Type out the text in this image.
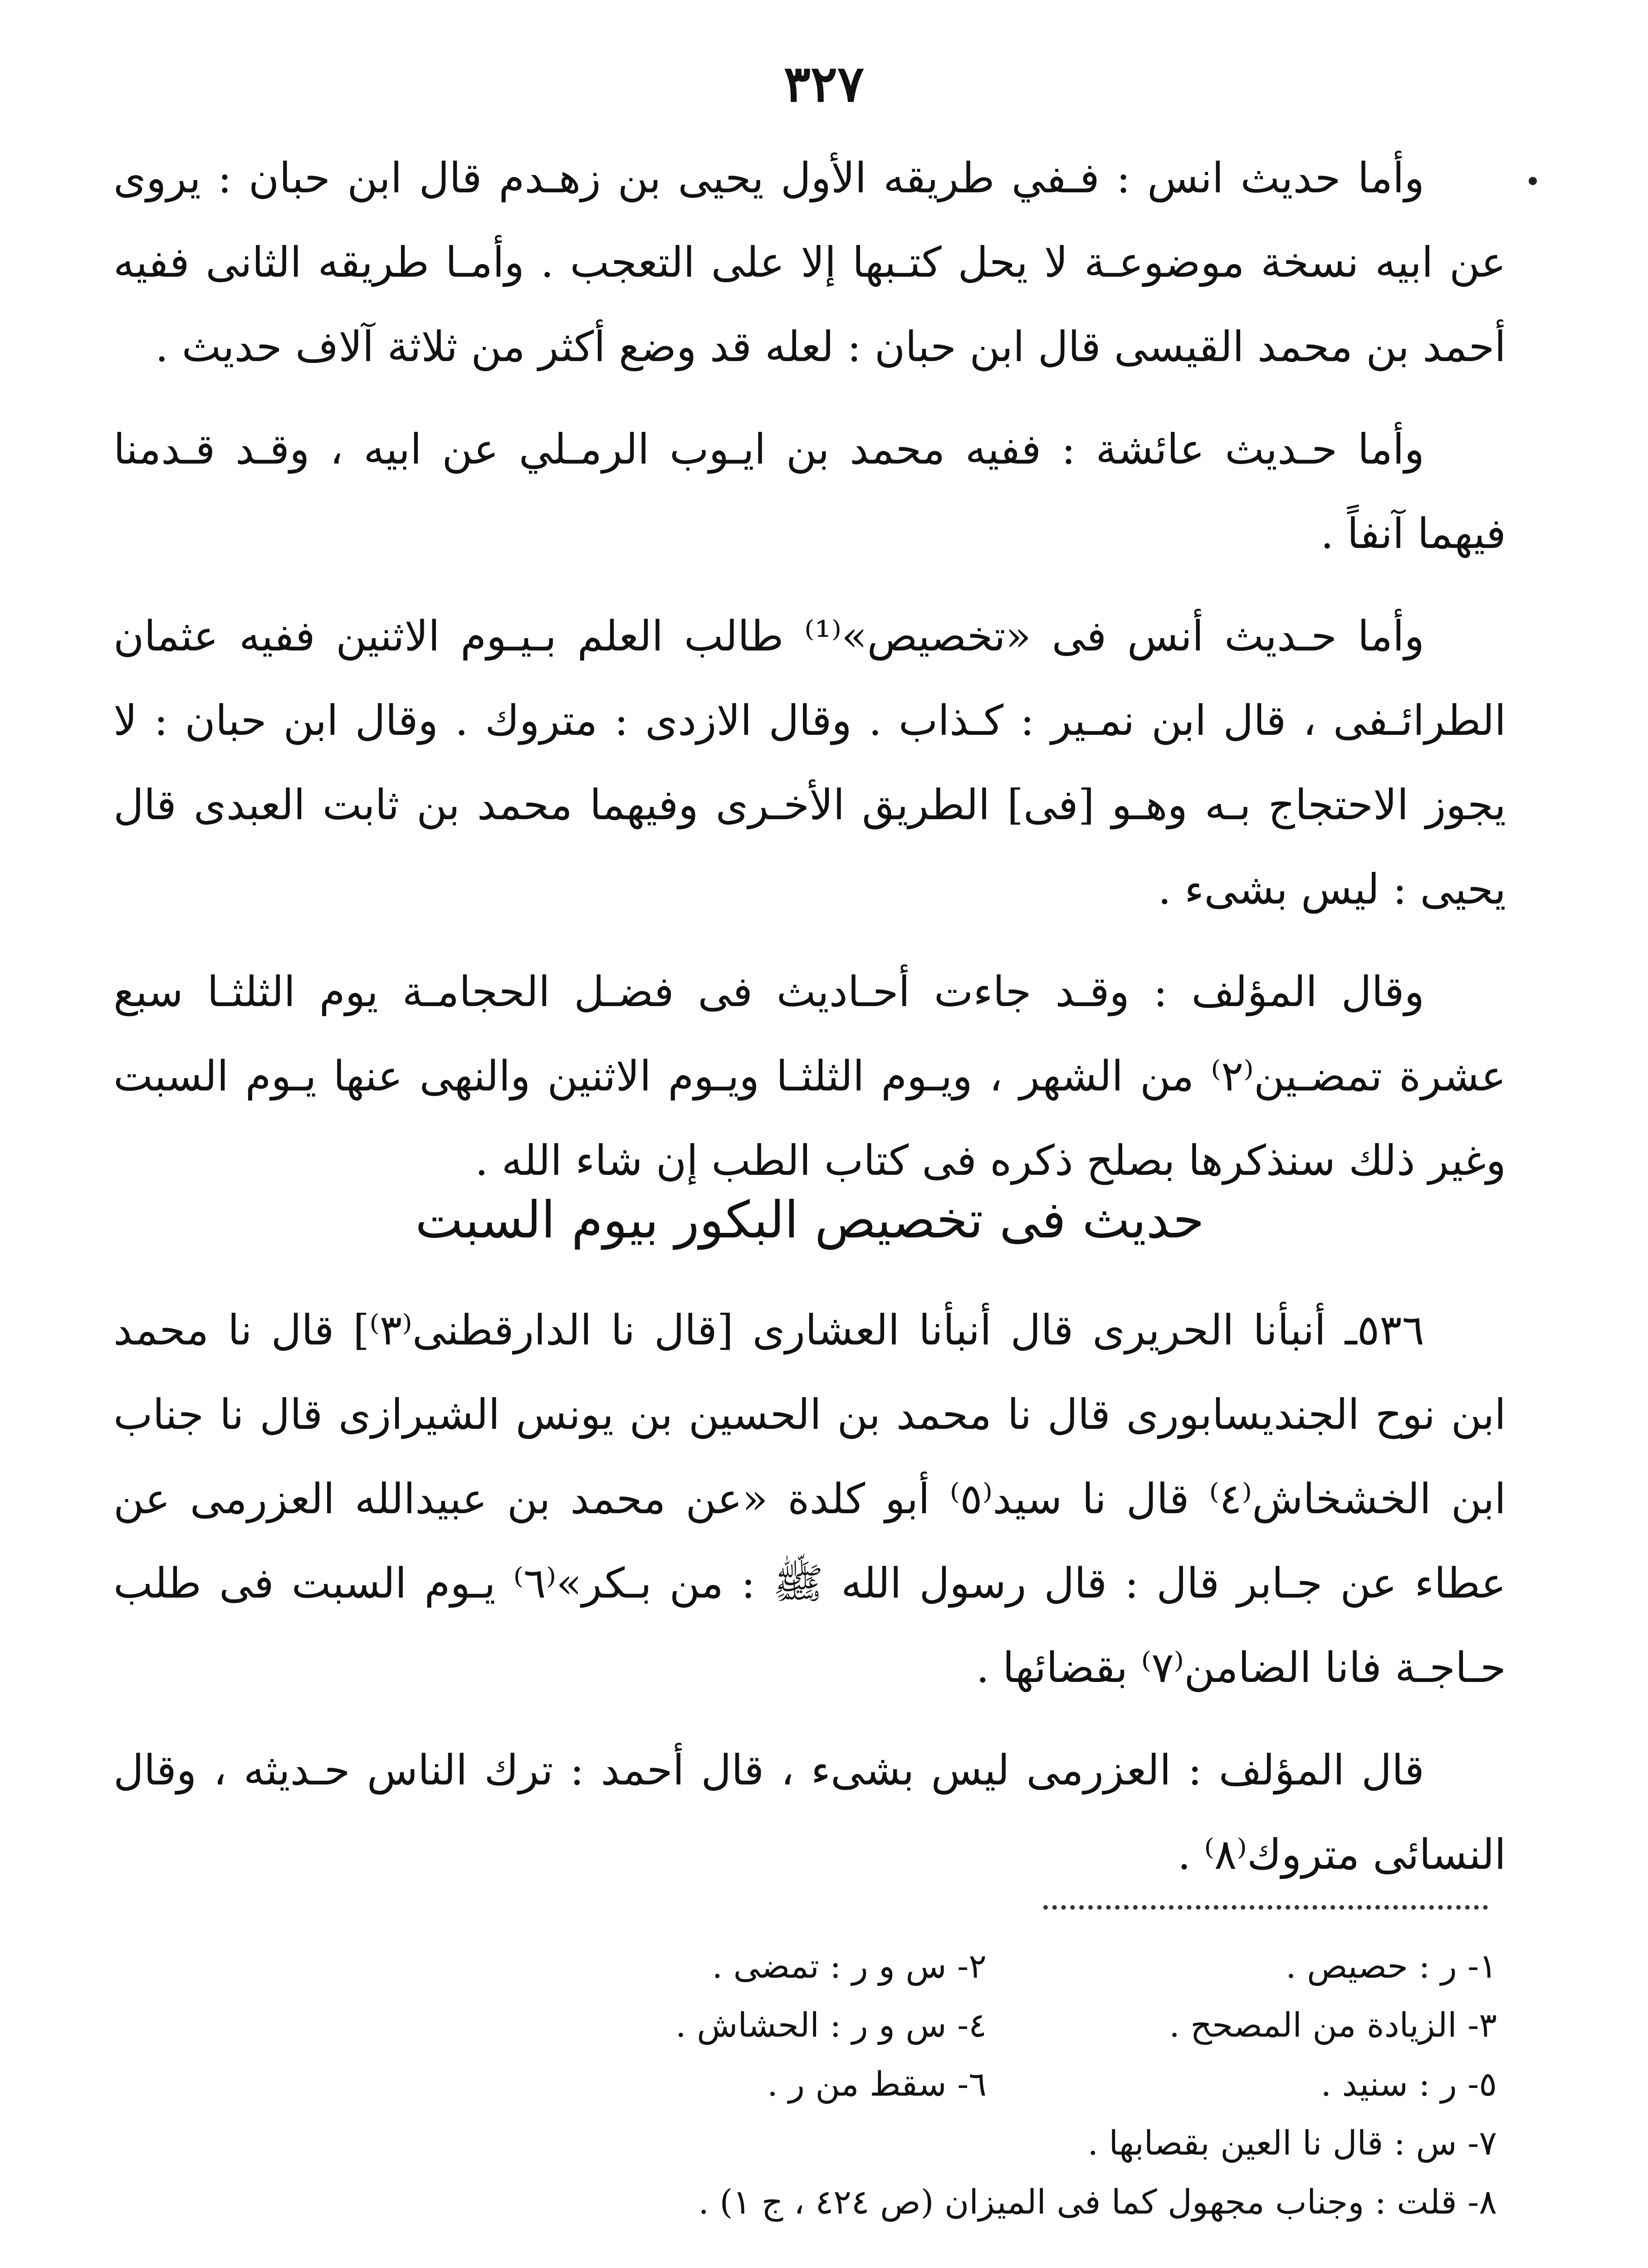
٣٢٧

وأما حديث انس : فـفي طريقه الأول يحيى بن زهـدم قال ابن حبان : يروى عن ابيه نسخة موضوعـة لا يحل كتـبها إلا على التعجب . وأمـا طريقه الثانى ففيه أحمد بن محمد القيسى قال ابن حبان : لعله قد وضع أكثر من ثلاثة آلاف حديث .

وأما حـديث عائشة : ففيه محمد بن ايـوب الرمـلي عن ابيه ، وقـد قـدمنا فيهما آنفاً .

وأما حـديث أنس فى «تخصيص»⁽¹⁾ طالب العلم بـيـوم الاثنين ففيه عثمان الطرائـفى ، قال ابن نمـير : كـذاب . وقال الازدى : متروك . وقال ابن حبان : لا يجوز الاحتجاج بـه وهـو [فى] الطريق الأخـرى وفيهما محمد بن ثابت العبدى قال يحيى : ليس بشىء .

وقال المؤلف : وقـد جاءت أحـاديث فى فضـل الحجامـة يوم الثلثـا سبع عشرة تمضـين⁽٢⁾ من الشهر ، ويـوم الثلثـا ويـوم الاثنين والنهى عنها يـوم السبت وغير ذلك سنذكرها بصلح ذكره فى كتاب الطب إن شاء الله .

حديث فى تخصيص البكور بيوم السبت

٥٣٦ـ أنبأنا الحريرى قال أنبأنا العشارى [قال نا الدارقطنى⁽٣⁾] قال نا محمد ابن نوح الجنديسابورى قال نا محمد بن الحسين بن يونس الشيرازى قال نا جناب ابن الخشخاش⁽٤⁾ قال نا سيد⁽٥⁾ أبو كلدة «عن محمد بن عبيدالله العزرمى عن عطاء عن جـابر قال : قال رسول الله ﷺ : من بـكر»⁽٦⁾ يـوم السبت فى طلب حـاجـة فانا الضامن⁽٧⁾ بقضائها .

قال المؤلف : العزرمى ليس بشىء ، قال أحمد : ترك الناس حـديثه ، وقال النسائى متروك⁽٨⁾ .

١- ر : حصيص .
٢- س و ر : تمضى .
٣- الزيادة من المصحح .
٤- س و ر : الحشاش .
٥- ر : سنيد .
٦- سقط من ر .
٧- س : قال نا العين بقصابها .
٨- قلت : وجناب مجهول كما فى الميزان (ص ٤٢٤ ، ج ١) .
